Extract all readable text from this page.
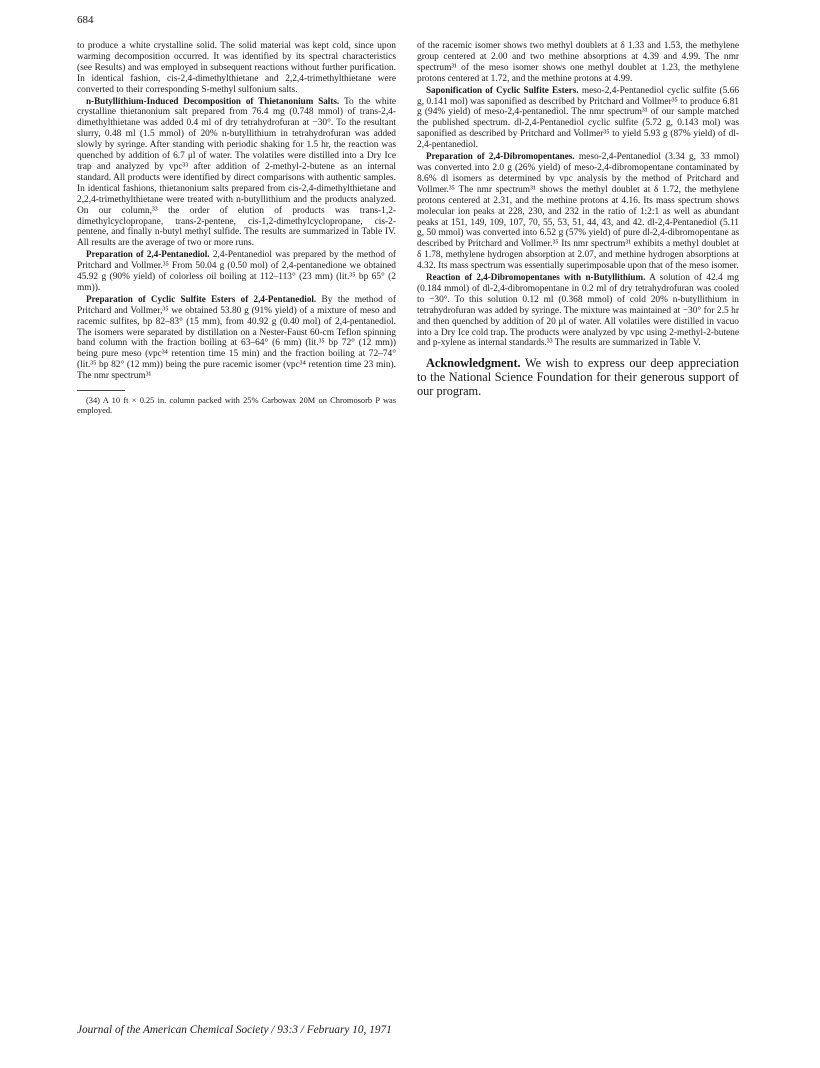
684

to produce a white crystalline solid. The solid material was kept cold, since upon warming decomposition occurred. It was identified by its spectral characteristics (see Results) and was employed in subsequent reactions without further purification. In identical fashion, cis-2,4-dimethylthietane and 2,2,4-trimethylthietane were converted to their corresponding S-methyl sulfonium salts.

n-Butyllithium-Induced Decomposition of Thietanonium Salts. To the white crystalline thietanonium salt prepared from 76.4 mg (0.748 mmol) of trans-2,4-dimethylthietane was added 0.4 ml of dry tetrahydrofuran at −30°. To the resultant slurry, 0.48 ml (1.5 mmol) of 20% n-butyllithium in tetrahydrofuran was added slowly by syringe. After standing with periodic shaking for 1.5 hr, the reaction was quenched by addition of 6.7 μl of water. The volatiles were distilled into a Dry Ice trap and analyzed by vpc³³ after addition of 2-methyl-2-butene as an internal standard. All products were identified by direct comparisons with authentic samples. In identical fashions, thietanonium salts prepared from cis-2,4-dimethylthietane and 2,2,4-trimethylthietane were treated with n-butyllithium and the products analyzed. On our column,³³ the order of elution of products was trans-1,2-dimethylcyclopropane, trans-2-pentene, cis-1,2-dimethylcyclopropane, cis-2-pentene, and finally n-butyl methyl sulfide. The results are summarized in Table IV. All results are the average of two or more runs.

Preparation of 2,4-Pentanediol. 2,4-Pentanediol was prepared by the method of Pritchard and Vollmer.³⁵ From 50.04 g (0.50 mol) of 2,4-pentanedione we obtained 45.92 g (90% yield) of colorless oil boiling at 112–113° (23 mm) (lit.³⁵ bp 65° (2 mm)).

Preparation of Cyclic Sulfite Esters of 2,4-Pentanediol. By the method of Pritchard and Vollmer,³⁵ we obtained 53.80 g (91% yield) of a mixture of meso and racemic sulfites, bp 82–83° (15 mm), from 40.92 g (0.40 mol) of 2,4-pentanediol. The isomers were separated by distillation on a Nester-Faust 60-cm Teflon spinning band column with the fraction boiling at 63–64° (6 mm) (lit.³⁵ bp 72° (12 mm)) being pure meso (vpc³⁴ retention time 15 min) and the fraction boiling at 72–74° (lit.³⁵ bp 82° (12 mm)) being the pure racemic isomer (vpc³⁴ retention time 23 min). The nmr spectrum³¹

(34) A 10 ft × 0.25 in. column packed with 25% Carbowax 20M on Chromosorb P was employed.

of the racemic isomer shows two methyl doublets at δ 1.33 and 1.53, the methylene group centered at 2.00 and two methine absorptions at 4.39 and 4.99. The nmr spectrum³¹ of the meso isomer shows one methyl doublet at 1.23, the methylene protons centered at 1.72, and the methine protons at 4.99.

Saponification of Cyclic Sulfite Esters. meso-2,4-Pentanediol cyclic sulfite (5.66 g, 0.141 mol) was saponified as described by Pritchard and Vollmer³⁵ to produce 6.81 g (94% yield) of meso-2,4-pentanediol. The nmr spectrum³¹ of our sample matched the published spectrum. dl-2,4-Pentanediol cyclic sulfite (5.72 g, 0.143 mol) was saponified as described by Pritchard and Vollmer³⁵ to yield 5.93 g (87% yield) of dl-2,4-pentanediol.

Preparation of 2,4-Dibromopentanes. meso-2,4-Pentanediol (3.34 g, 33 mmol) was converted into 2.0 g (26% yield) of meso-2,4-dibromopentane contaminated by 8.6% dl isomers as determined by vpc analysis by the method of Pritchard and Vollmer.³⁵ The nmr spectrum³¹ shows the methyl doublet at δ 1.72, the methylene protons centered at 2.31, and the methine protons at 4.16. Its mass spectrum shows molecular ion peaks at 228, 230, and 232 in the ratio of 1:2:1 as well as abundant peaks at 151, 149, 109, 107, 70, 55, 53, 51, 44, 43, and 42. dl-2,4-Pentanediol (5.11 g, 50 mmol) was converted into 6.52 g (57% yield) of pure dl-2,4-dibromopentane as described by Pritchard and Vollmer.³⁵ Its nmr spectrum³¹ exhibits a methyl doublet at δ 1.78, methylene hydrogen absorption at 2.07, and methine hydrogen absorptions at 4.32. Its mass spectrum was essentially superimposable upon that of the meso isomer.

Reaction of 2,4-Dibromopentanes with n-Butyllithium. A solution of 42.4 mg (0.184 mmol) of dl-2,4-dibromopentane in 0.2 ml of dry tetrahydrofuran was cooled to −30°. To this solution 0.12 ml (0.368 mmol) of cold 20% n-butyllithium in tetrahydrofuran was added by syringe. The mixture was maintained at −30° for 2.5 hr and then quenched by addition of 20 μl of water. All volatiles were distilled in vacuo into a Dry Ice cold trap. The products were analyzed by vpc using 2-methyl-2-butene and p-xylene as internal standards.³³ The results are summarized in Table V.

Acknowledgment. We wish to express our deep appreciation to the National Science Foundation for their generous support of our program.
Journal of the American Chemical Society / 93:3 / February 10, 1971
